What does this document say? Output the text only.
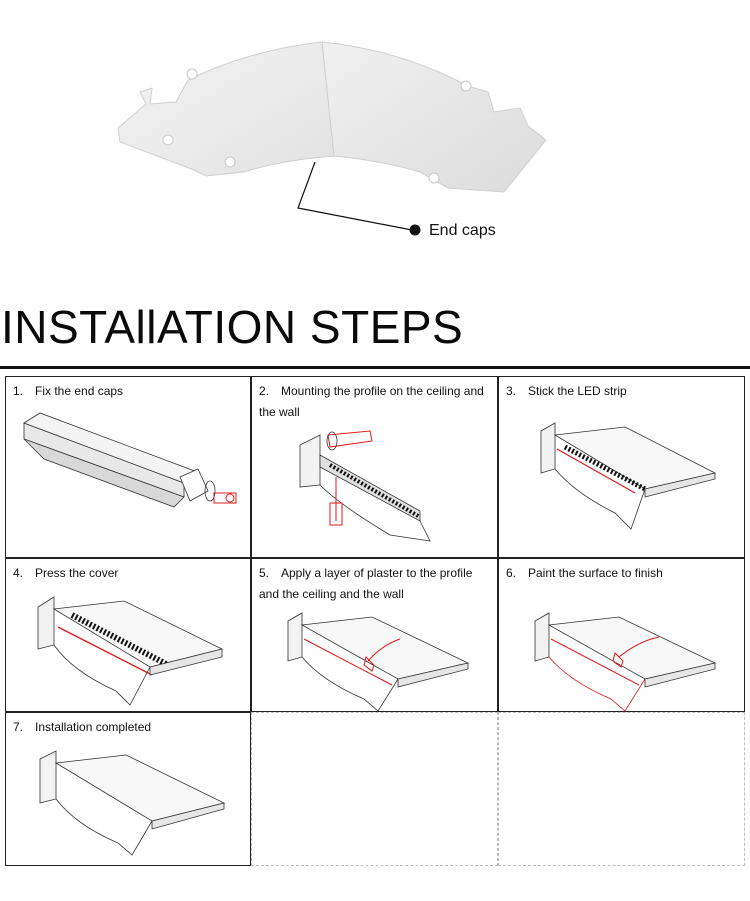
End caps
INSTAllATION STEPS
1. Fix the end caps	2. Mounting the profile on the ceiling and the wall
3. Stick the LED strip
4. Press the cover	5. Apply a layer of plaster to the profile and the ceiling and the wall
6. Paint the surface to finish
7. Installation completed
